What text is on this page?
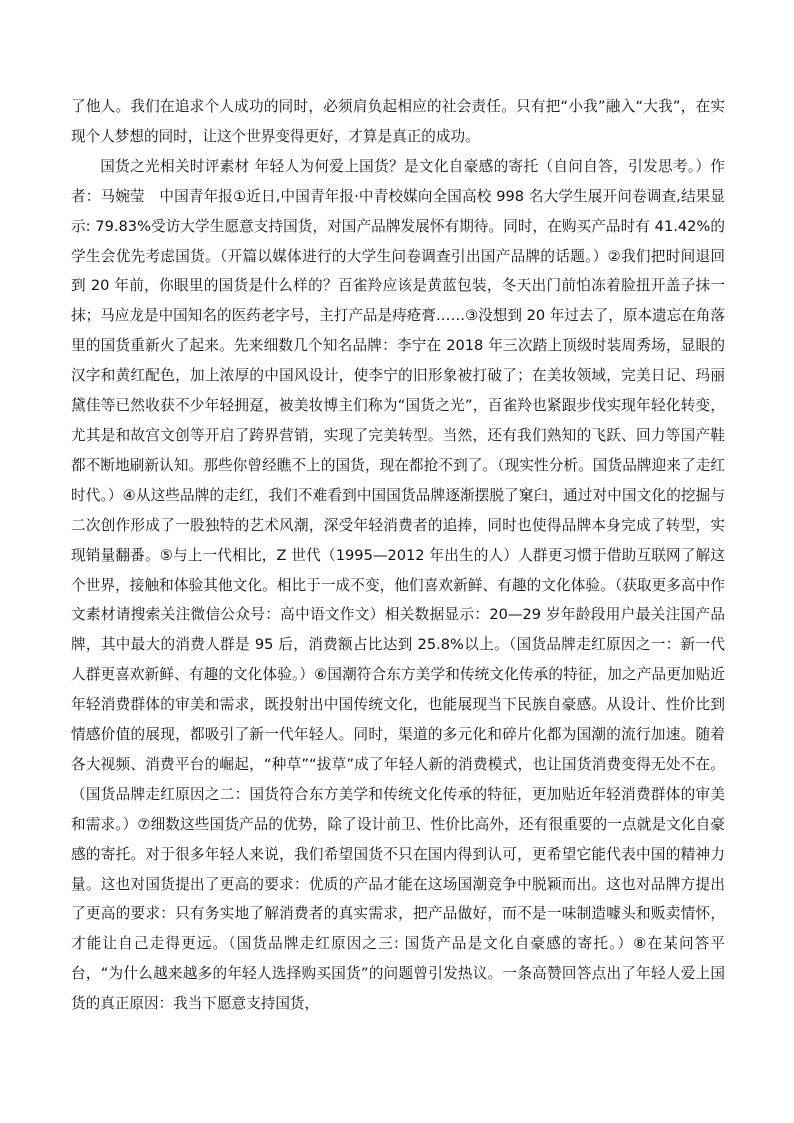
了他人。我们在追求个人成功的同时，必须肩负起相应的社会责任。只有把“小我”融入“大我”，在实现个人梦想的同时，让这个世界变得更好，才算是真正的成功。

国货之光相关时评素材 年轻人为何爱上国货？是文化自豪感的寄托（自问自答，引发思考。）作者：马婉莹　中国青年报①近日,中国青年报·中青校媒向全国高校 998 名大学生展开问卷调查,结果显示: 79.83%受访大学生愿意支持国货，对国产品牌发展怀有期待。同时，在购买产品时有 41.42%的学生会优先考虑国货。（开篇以媒体进行的大学生问卷调查引出国产品牌的话题。）②我们把时间退回到 20 年前，你眼里的国货是什么样的？百雀羚应该是黄蓝包装，冬天出门前怕冻着脸扭开盖子抹一抹；马应龙是中国知名的医药老字号，主打产品是痔疮膏……③没想到 20 年过去了，原本遗忘在角落里的国货重新火了起来。先来细数几个知名品牌：李宁在 2018 年三次踏上顶级时装周秀场，显眼的汉字和黄红配色，加上浓厚的中国风设计，使李宁的旧形象被打破了；在美妆领域，完美日记、玛丽黛佳等已然收获不少年轻拥趸，被美妆博主们称为“国货之光”，百雀羚也紧跟步伐实现年轻化转变，尤其是和故宫文创等开启了跨界营销，实现了完美转型。当然，还有我们熟知的飞跃、回力等国产鞋都不断地刷新认知。那些你曾经瞧不上的国货，现在都抢不到了。（现实性分析。国货品牌迎来了走红时代。）④从这些品牌的走红，我们不难看到中国国货品牌逐渐摆脱了窠臼，通过对中国文化的挖掘与二次创作形成了一股独特的艺术风潮，深受年轻消费者的追捧，同时也使得品牌本身完成了转型，实现销量翻番。⑤与上一代相比，Z 世代（1995—2012 年出生的人）人群更习惯于借助互联网了解这个世界，接触和体验其他文化。相比于一成不变，他们喜欢新鲜、有趣的文化体验。（获取更多高中作文素材请搜索关注微信公众号：高中语文作文）相关数据显示：20—29 岁年龄段用户最关注国产品牌，其中最大的消费人群是 95 后，消费额占比达到 25.8%以上。（国货品牌走红原因之一：新一代人群更喜欢新鲜、有趣的文化体验。）⑥国潮符合东方美学和传统文化传承的特征，加之产品更加贴近年轻消费群体的审美和需求，既投射出中国传统文化，也能展现当下民族自豪感。从设计、性价比到情感价值的展现，都吸引了新一代年轻人。同时，渠道的多元化和碎片化都为国潮的流行加速。随着各大视频、消费平台的崛起，“种草”“拔草”成了年轻人新的消费模式，也让国货消费变得无处不在。（国货品牌走红原因之二：国货符合东方美学和传统文化传承的特征，更加贴近年轻消费群体的审美和需求。）⑦细数这些国货产品的优势，除了设计前卫、性价比高外，还有很重要的一点就是文化自豪感的寄托。对于很多年轻人来说，我们希望国货不只在国内得到认可，更希望它能代表中国的精神力量。这也对国货提出了更高的要求：优质的产品才能在这场国潮竞争中脱颖而出。这也对品牌方提出了更高的要求：只有务实地了解消费者的真实需求，把产品做好，而不是一味制造噱头和贩卖情怀，才能让自己走得更远。（国货品牌走红原因之三: 国货产品是文化自豪感的寄托。）⑧在某问答平台，“为什么越来越多的年轻人选择购买国货”的问题曾引发热议。一条高赞回答点出了年轻人爱上国货的真正原因：我当下愿意支持国货，
